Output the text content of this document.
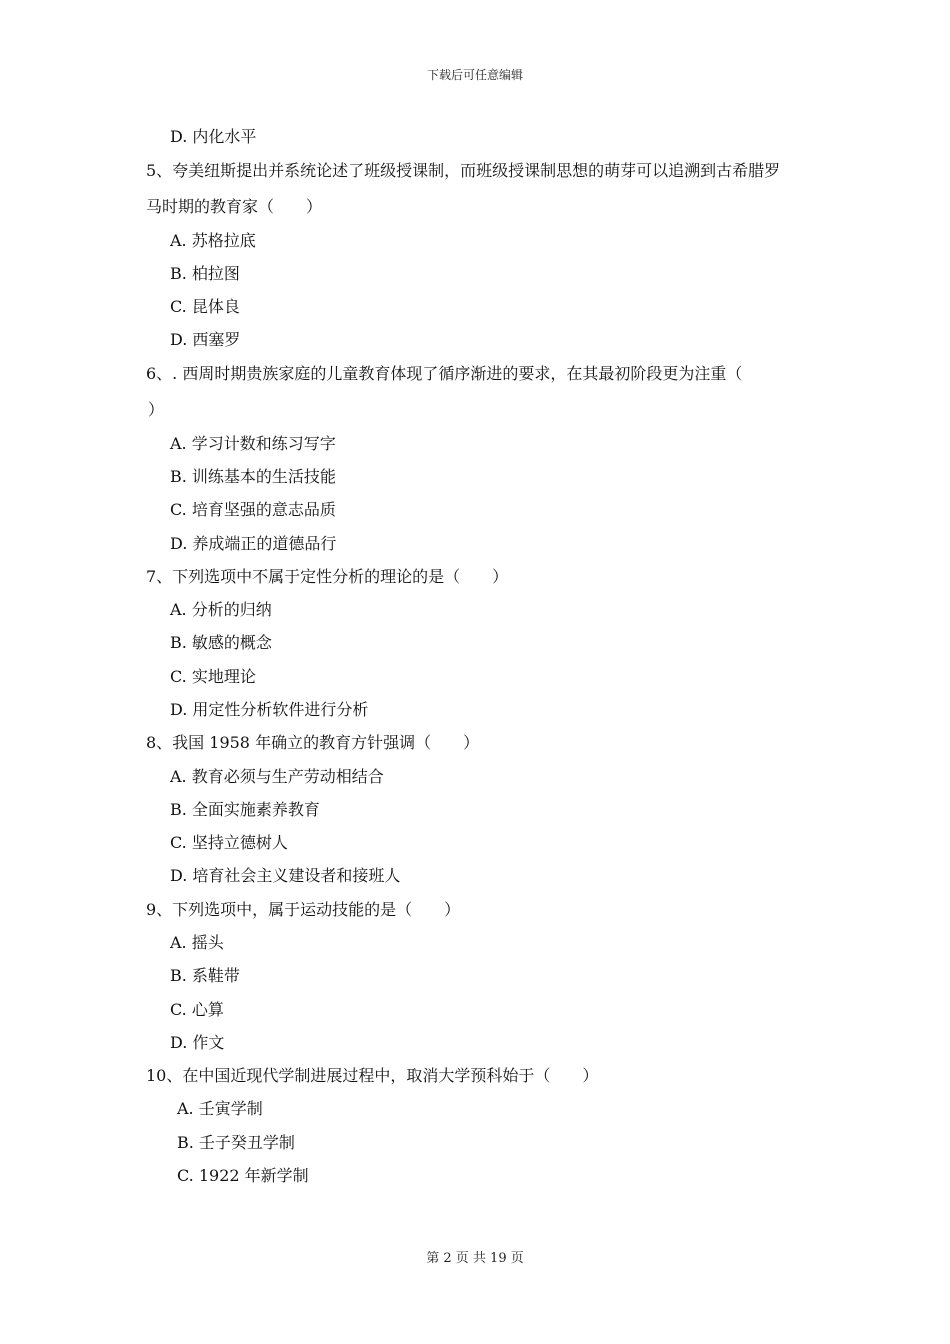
下载后可任意编辑
D. 内化水平
5、夸美纽斯提出并系统论述了班级授课制，而班级授课制思想的萌芽可以追溯到古希腊罗
马时期的教育家（　　）
A. 苏格拉底
B. 柏拉图
C. 昆体良
D. 西塞罗
6、. 西周时期贵族家庭的儿童教育体现了循序渐进的要求，在其最初阶段更为注重（
）
A. 学习计数和练习写字
B. 训练基本的生活技能
C. 培育坚强的意志品质
D. 养成端正的道德品行
7、下列选项中不属于定性分析的理论的是（　　）
A. 分析的归纳
B. 敏感的概念
C. 实地理论
D. 用定性分析软件进行分析
8、我国 1958 年确立的教育方针强调（　　）
A. 教育必须与生产劳动相结合
B. 全面实施素养教育
C. 坚持立德树人
D. 培育社会主义建设者和接班人
9、下列选项中，属于运动技能的是（　　）
A. 摇头
B. 系鞋带
C. 心算
D. 作文
10、在中国近现代学制进展过程中，取消大学预科始于（　　）
A. 壬寅学制
B. 壬子癸丑学制
C. 1922 年新学制
第 2 页 共 19 页
